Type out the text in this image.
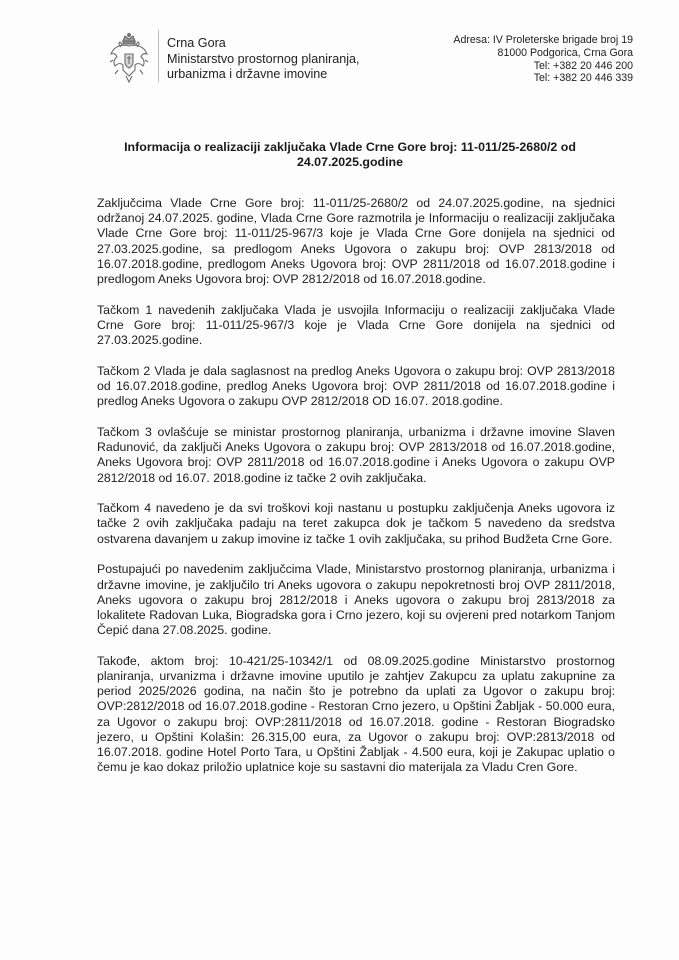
Crna Gora
Ministarstvo prostornog planiranja,
urbanizma i državne imovine
Adresa: IV Proleterske brigade broj 19
81000 Podgorica, Crna Gora
Tel: +382 20 446 200
Tel: +382 20 446 339
Informacija o realizaciji zaključaka Vlade Crne Gore broj: 11-011/25-2680/2 od
24.07.2025.godine

Zaključcima Vlade Crne Gore broj: 11-011/25-2680/2 od 24.07.2025.godine, na sjednici održanoj 24.07.2025. godine, Vlada Crne Gore razmotrila je Informaciju o realizaciji zaključaka Vlade Crne Gore broj: 11-011/25-967/3 koje je Vlada Crne Gore donijela na sjednici od 27.03.2025.godine, sa predlogom Aneks Ugovora o zakupu broj: OVP 2813/2018 od 16.07.2018.godine, predlogom Aneks Ugovora broj: OVP 2811/2018 od 16.07.2018.godine i predlogom Aneks Ugovora broj: OVP 2812/2018 od 16.07.2018.godine.

Tačkom 1 navedenih zaključaka Vlada je usvojila Informaciju o realizaciji zaključaka Vlade Crne Gore broj: 11-011/25-967/3 koje je Vlada Crne Gore donijela na sjednici od 27.03.2025.godine.

Tačkom 2 Vlada je dala saglasnost na predlog Aneks Ugovora o zakupu broj: OVP 2813/2018 od 16.07.2018.godine, predlog Aneks Ugovora broj: OVP 2811/2018 od 16.07.2018.godine i predlog Aneks Ugovora o zakupu OVP 2812/2018 OD 16.07. 2018.godine.

Tačkom 3 ovlašćuje se ministar prostornog planiranja, urbanizma i državne imovine Slaven Radunović, da zaključi Aneks Ugovora o zakupu broj: OVP 2813/2018 od 16.07.2018.godine, Aneks Ugovora broj: OVP 2811/2018 od 16.07.2018.godine i Aneks Ugovora o zakupu OVP 2812/2018 od 16.07. 2018.godine iz tačke 2 ovih zaključaka.

Tačkom 4 navedeno je da svi troškovi koji nastanu u postupku zaključenja Aneks ugovora iz tačke 2 ovih zaključaka padaju na teret zakupca dok je tačkom 5 navedeno da sredstva ostvarena davanjem u zakup imovine iz tačke 1 ovih zaključaka, su prihod Budžeta Crne Gore.

Postupajući po navedenim zaključcima Vlade, Ministarstvo prostornog planiranja, urbanizma i državne imovine, je zaključilo tri Aneks ugovora o zakupu nepokretnosti broj OVP 2811/2018, Aneks ugovora o zakupu broj 2812/2018 i Aneks ugovora o zakupu broj 2813/2018 za lokalitete Radovan Luka, Biogradska gora i Crno jezero, koji su ovjereni pred notarkom Tanjom Čepić dana 27.08.2025. godine.

Takođe, aktom broj: 10-421/25-10342/1 od 08.09.2025.godine Ministarstvo prostornog planiranja, urvanizma i državne imovine uputilo je zahtjev Zakupcu za uplatu zakupnine za period 2025/2026 godina, na način što je potrebno da uplati za Ugovor o zakupu broj: OVP:2812/2018 od 16.07.2018.godine - Restoran Crno jezero, u Opštini Žabljak - 50.000 eura, za Ugovor o zakupu broj: OVP:2811/2018 od 16.07.2018. godine - Restoran Biogradsko jezero, u Opštini Kolašin: 26.315,00 eura, za Ugovor o zakupu broj: OVP:2813/2018 od 16.07.2018. godine Hotel Porto Tara, u Opštini Žabljak - 4.500 eura, koji je Zakupac uplatio o čemu je kao dokaz priložio uplatnice koje su sastavni dio materijala za Vladu Cren Gore.
